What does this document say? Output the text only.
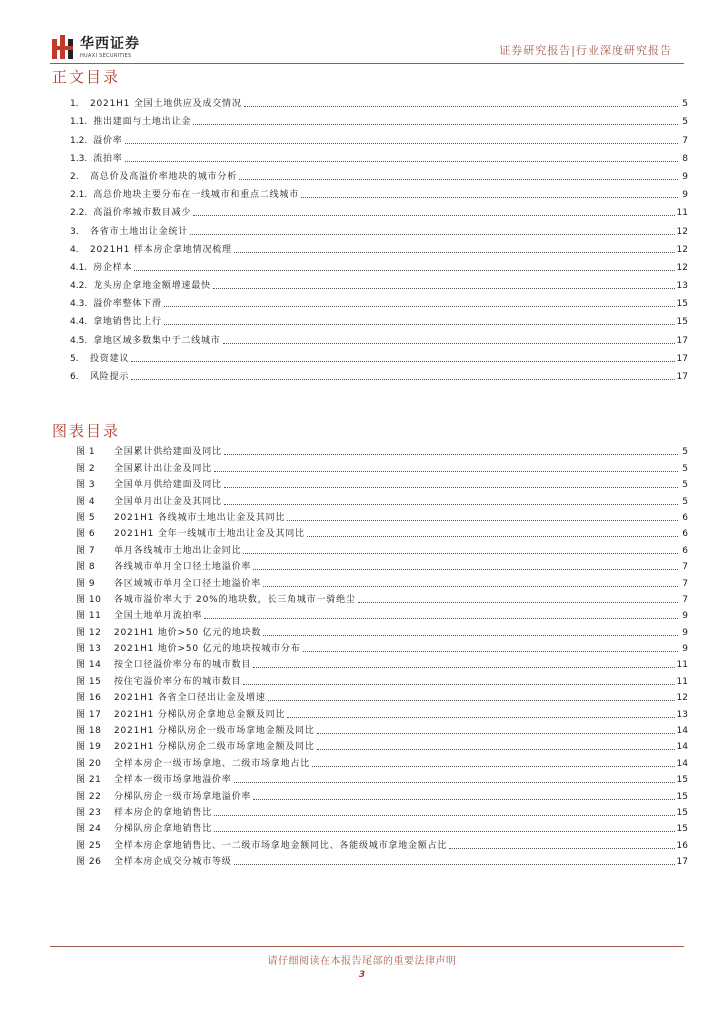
华西证券
HUAXI SECURITIES	证券研究报告|行业深度研究报告
正文目录
1.	2021H1 全国土地供应及成交情况	5
1.1. 推出建面与土地出让金	5
1.2. 溢价率	7
1.3. 流拍率	8
2.	高总价及高溢价率地块的城市分析	9
2.1. 高总价地块主要分布在一线城市和重点二线城市	9
2.2. 高溢价率城市数目减少	11
3.	各省市土地出让金统计	12
4.	2021H1 样本房企拿地情况梳理	12
4.1. 房企样本	12
4.2. 龙头房企拿地金额增速最快	13
4.3. 溢价率整体下滑	15
4.4. 拿地销售比上行	15
4.5. 拿地区域多数集中于二线城市	17
5.	投资建议	17
6.	风险提示	17
图表目录
图 1	全国累计供给建面及同比	5
图 2	全国累计出让金及同比	5
图 3	全国单月供给建面及同比	5
图 4	全国单月出让金及其同比	5
图 5	2021H1 各线城市土地出让金及其同比	6
图 6	2021H1 全年一线城市土地出让金及其同比	6
图 7	单月各线城市土地出让金同比	6
图 8	各线城市单月全口径土地溢价率	7
图 9	各区域城市单月全口径土地溢价率	7
图 10	各城市溢价率大于 20%的地块数，长三角城市一骑绝尘	7
图 11	全国土地单月流拍率	9
图 12	2021H1 地价>50 亿元的地块数	9
图 13	2021H1 地价>50 亿元的地块按城市分布	9
图 14	按全口径溢价率分布的城市数目	11
图 15	按住宅溢价率分布的城市数目	11
图 16	2021H1 各省全口径出让金及增速	12
图 17	2021H1 分梯队房企拿地总金额及同比	13
图 18	2021H1 分梯队房企一级市场拿地金额及同比	14
图 19	2021H1 分梯队房企二级市场拿地金额及同比	14
图 20	全样本房企一级市场拿地、二级市场拿地占比	14
图 21	全样本一级市场拿地溢价率	15
图 22	分梯队房企一级市场拿地溢价率	15
图 23	样本房企的拿地销售比	15
图 24	分梯队房企拿地销售比	15
图 25	全样本房企拿地销售比、一二级市场拿地金额同比、各能级城市拿地金额占比	16
图 26	全样本房企成交分城市等级	17
请仔细阅读在本报告尾部的重要法律声明
3
